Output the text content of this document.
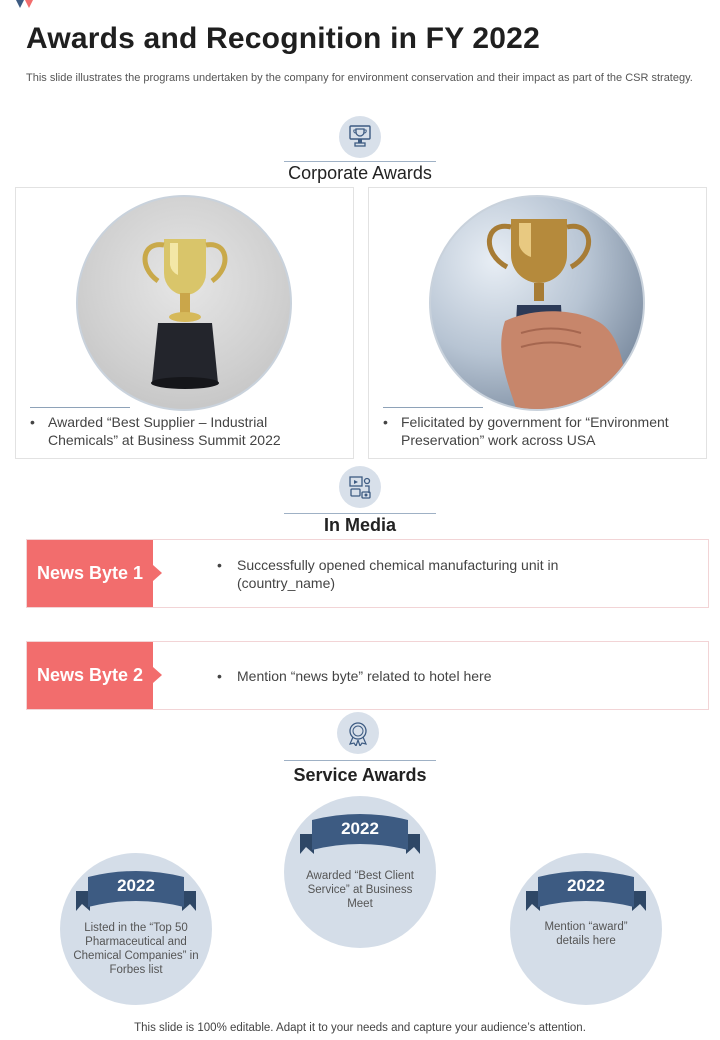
Awards and Recognition in FY 2022
This slide illustrates the programs undertaken by the company for environment conservation and their impact as part of the CSR strategy.
Corporate Awards
• Awarded “Best Supplier – Industrial Chemicals” at Business Summit 2022
• Felicitated by government for “Environment Preservation” work across USA
In Media
News Byte 1	• Successfully opened chemical manufacturing unit in (country_name)
News Byte 2	• Mention “news byte” related to hotel here
Service Awards
2022
Listed in the “Top 50 Pharmaceutical and Chemical Companies” in Forbes list
2022
Awarded “Best Client Service” at Business Meet
2022
Mention “award” details here
This slide is 100% editable. Adapt it to your needs and capture your audience’s attention.
